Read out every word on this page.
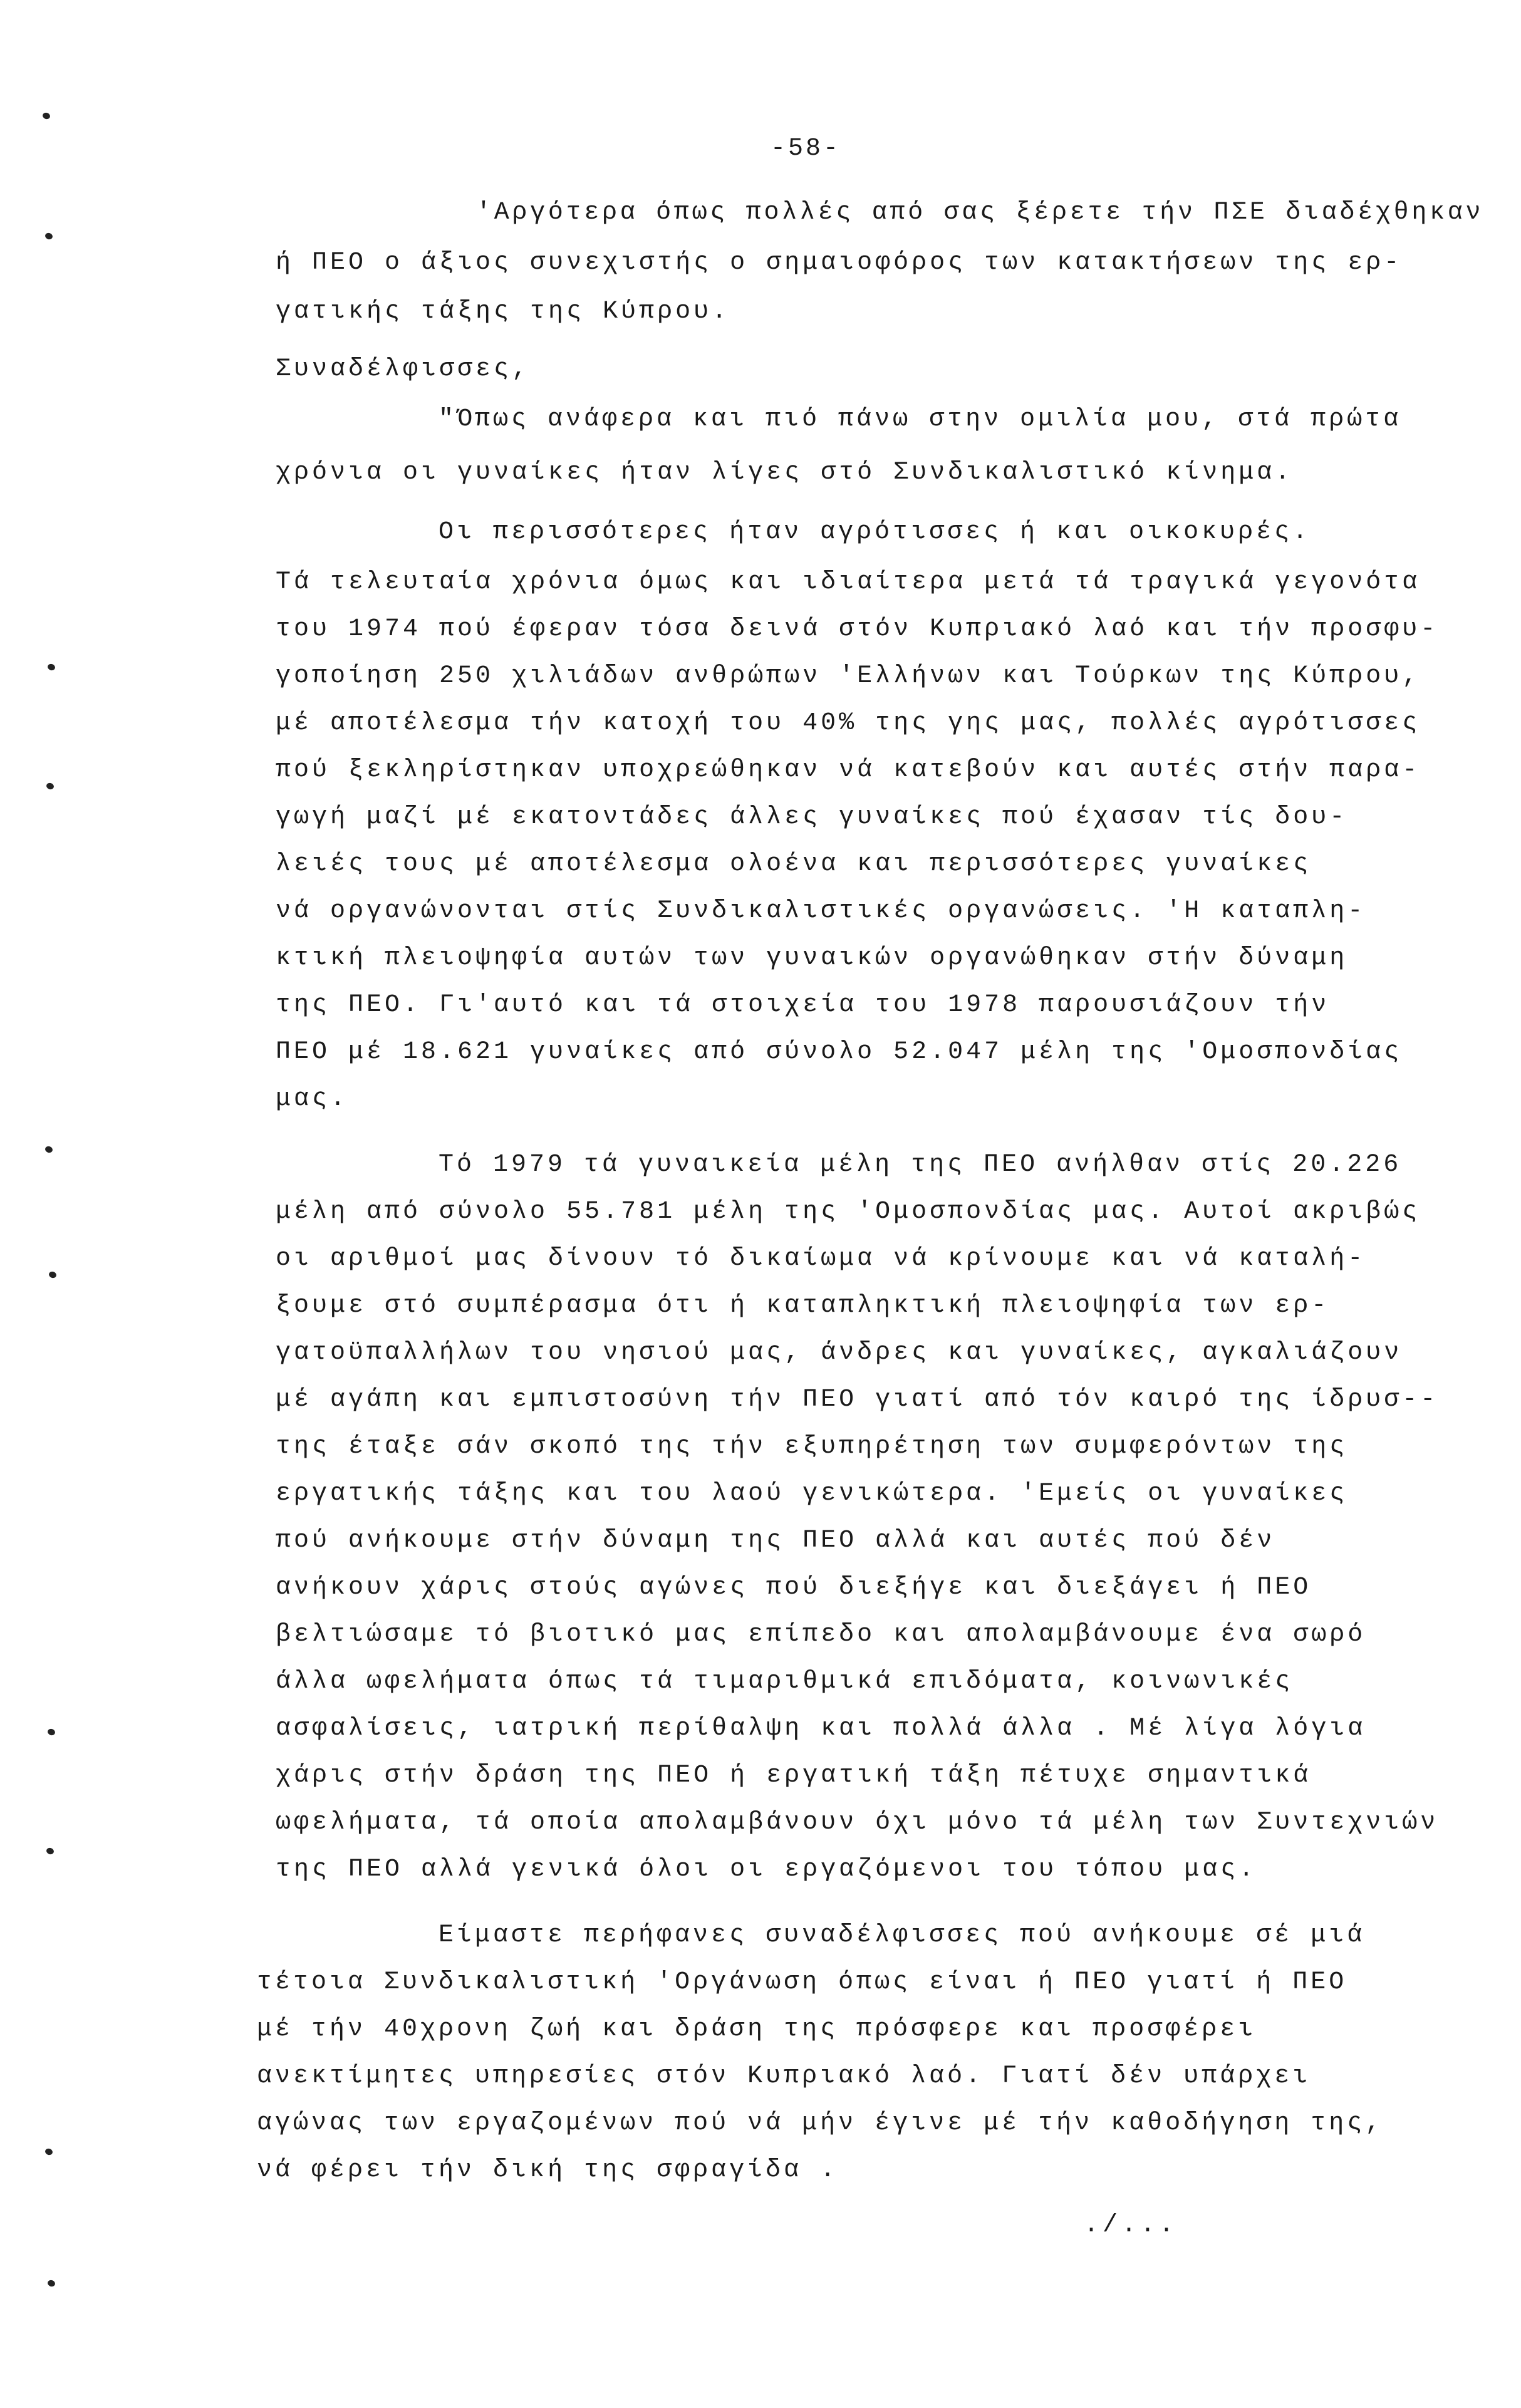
-58-
'Αργότερα όπως πολλές από σας ξέρετε τήν ΠΣΕ διαδέχθηκαν
ή ΠΕΟ ο άξιος συνεχιστής ο σημαιοφόρος των κατακτήσεων της ερ-
γατικής τάξης της Κύπρου.
Συναδέλφισσες,
"Όπως ανάφερα και πιό πάνω στην ομιλία μου, στά πρώτα
χρόνια οι γυναίκες ήταν λίγες στό Συνδικαλιστικό κίνημα.
Οι περισσότερες ήταν αγρότισσες ή και οικοκυρές.
Τά τελευταία χρόνια όμως και ιδιαίτερα μετά τά τραγικά γεγονότα
του 1974 πού έφεραν τόσα δεινά στόν Κυπριακό λαό και τήν προσφυ-
γοποίηση 250 χιλιάδων ανθρώπων 'Ελλήνων και Τούρκων της Κύπρου,
μέ αποτέλεσμα τήν κατοχή του 40% της γης μας, πολλές αγρότισσες
πού ξεκληρίστηκαν υποχρεώθηκαν νά κατεβούν και αυτές στήν παρα-
γωγή μαζί μέ εκατοντάδες άλλες γυναίκες πού έχασαν τίς δου-
λειές τους μέ αποτέλεσμα ολοένα και περισσότερες γυναίκες
νά οργανώνονται στίς Συνδικαλιστικές οργανώσεις. 'Η καταπλη-
κτική πλειοψηφία αυτών των γυναικών οργανώθηκαν στήν δύναμη
της ΠΕΟ. Γι'αυτό και τά στοιχεία του 1978 παρουσιάζουν τήν
ΠΕΟ μέ 18.621 γυναίκες από σύνολο 52.047 μέλη της 'Ομοσπονδίας
μας.
Τό 1979 τά γυναικεία μέλη της ΠΕΟ ανήλθαν στίς 20.226
μέλη από σύνολο 55.781 μέλη της 'Ομοσπονδίας μας. Αυτοί ακριβώς
οι αριθμοί μας δίνουν τό δικαίωμα νά κρίνουμε και νά καταλή-
ξουμε στό συμπέρασμα ότι ή καταπληκτική πλειοψηφία των ερ-
γατοϋπαλλήλων του νησιού μας, άνδρες και γυναίκες, αγκαλιάζουν
μέ αγάπη και εμπιστοσύνη τήν ΠΕΟ γιατί από τόν καιρό της ίδρυσ--
της έταξε σάν σκοπό της τήν εξυπηρέτηση των συμφερόντων της
εργατικής τάξης και του λαού γενικώτερα. 'Εμείς οι γυναίκες
πού ανήκουμε στήν δύναμη της ΠΕΟ αλλά και αυτές πού δέν
ανήκουν χάρις στούς αγώνες πού διεξήγε και διεξάγει ή ΠΕΟ
βελτιώσαμε τό βιοτικό μας επίπεδο και απολαμβάνουμε ένα σωρό
άλλα ωφελήματα όπως τά τιμαριθμικά επιδόματα, κοινωνικές
ασφαλίσεις, ιατρική περίθαλψη και πολλά άλλα . Μέ λίγα λόγια
χάρις στήν δράση της ΠΕΟ ή εργατική τάξη πέτυχε σημαντικά
ωφελήματα, τά οποία απολαμβάνουν όχι μόνο τά μέλη των Συντεχνιών
της ΠΕΟ αλλά γενικά όλοι οι εργαζόμενοι του τόπου μας.
Είμαστε περήφανες συναδέλφισσες πού ανήκουμε σέ μιά
τέτοια Συνδικαλιστική 'Οργάνωση όπως είναι ή ΠΕΟ γιατί ή ΠΕΟ
μέ τήν 40χρονη ζωή και δράση της πρόσφερε και προσφέρει
ανεκτίμητες υπηρεσίες στόν Κυπριακό λαό. Γιατί δέν υπάρχει
αγώνας των εργαζομένων πού νά μήν έγινε μέ τήν καθοδήγηση της,
νά φέρει τήν δική της σφραγίδα .
./...
